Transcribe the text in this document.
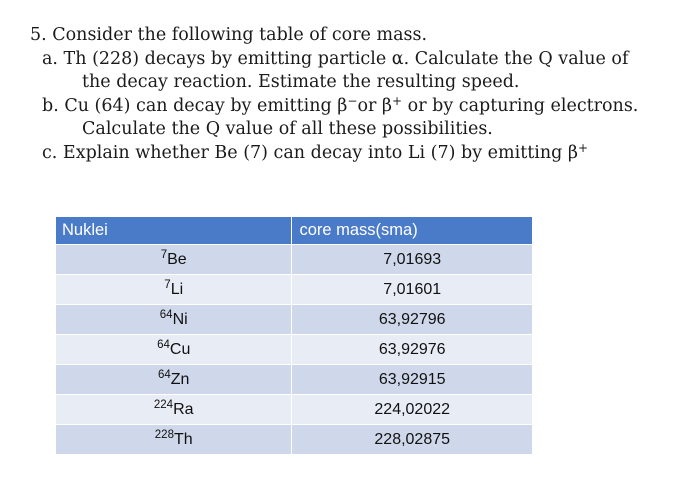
5. Consider the following table of core mass.

a. Th (228) decays by emitting particle α. Calculate the Q value of

the decay reaction. Estimate the resulting speed.

b. Cu (64) can decay by emitting β−or β+ or by capturing electrons.

Calculate the Q value of all these possibilities.

c. Explain whether Be (7) can decay into Li (7) by emitting β+

Nuklei	core mass(sma)
$^7$Be	7,01693
$^7$Li	7,01601
$^{64}$Ni	63,92796
$^{64}$Cu	63,92976
$^{64}$Zn	63,92915
$^{224}$Ra	224,02022
$^{228}$Th	228,02875
